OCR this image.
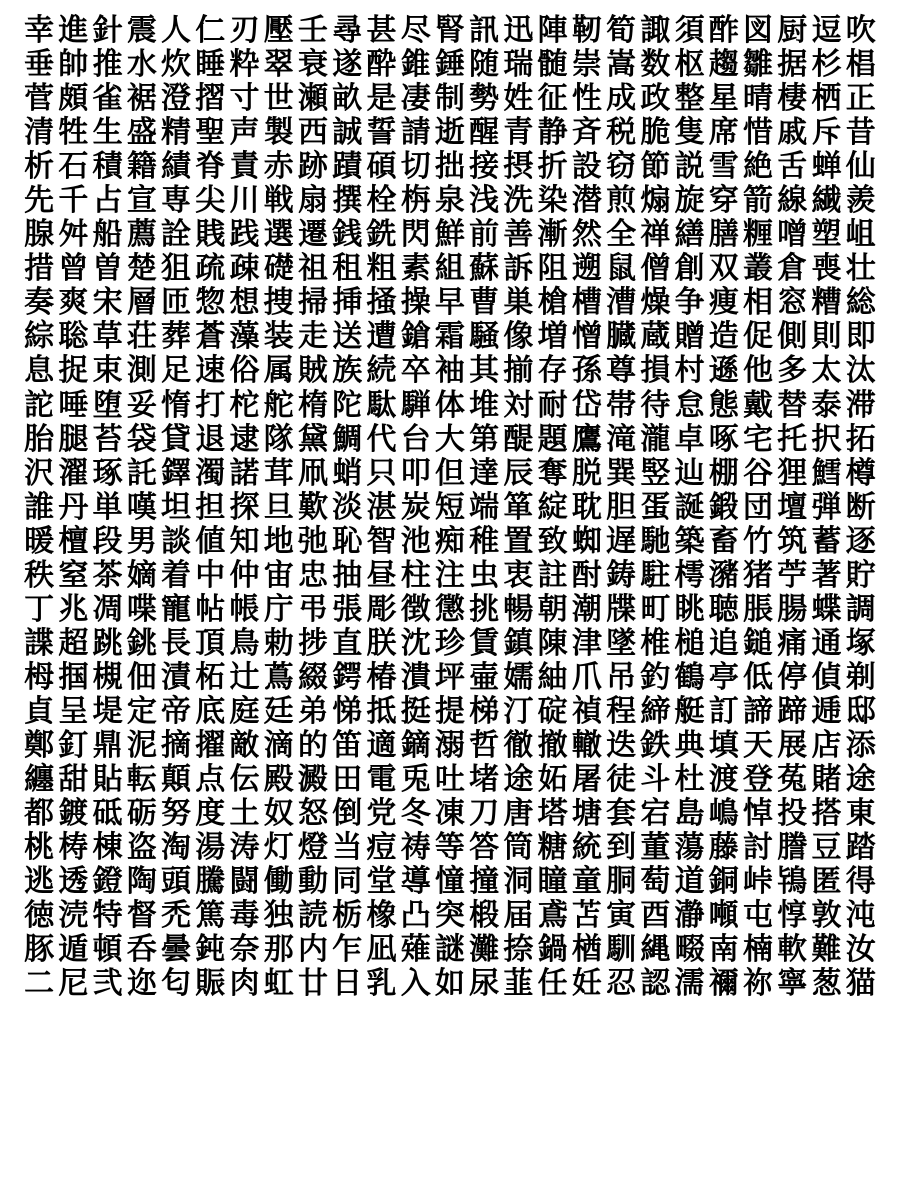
幸 進 針 震 人 仁 刃 壓 壬 尋 甚 尽 腎 訊 迅 陣 靭 筍 諏 須 酢 図 厨 逗 吹
垂 帥 推 水 炊 睡 粋 翠 衰 遂 酔 錐 錘 随 瑞 髄 崇 嵩 数 枢 趨 雛 据 杉 椙
菅 頗 雀 裾 澄 摺 寸 世 瀬 畝 是 凄 制 勢 姓 征 性 成 政 整 星 晴 棲 栖 正
清 牲 生 盛 精 聖 声 製 西 誠 誓 請 逝 醒 青 静 斉 税 脆 隻 席 惜 戚 斥 昔
析 石 積 籍 績 脊 責 赤 跡 蹟 碩 切 拙 接 摂 折 設 窃 節 説 雪 絶 舌 蝉 仙
先 千 占 宣 専 尖 川 戦 扇 撰 栓 栴 泉 浅 洗 染 潜 煎 煽 旋 穿 箭 線 繊 羨
腺 舛 船 薦 詮 賎 践 選 遷 銭 銑 閃 鮮 前 善 漸 然 全 禅 繕 膳 糎 噌 塑 岨
措 曾 曽 楚 狙 疏 疎 礎 祖 租 粗 素 組 蘇 訴 阻 遡 鼠 僧 創 双 叢 倉 喪 壮
奏 爽 宋 層 匝 惣 想 捜 掃 挿 掻 操 早 曹 巣 槍 槽 漕 燥 争 痩 相 窓 糟 総
綜 聡 草 荘 葬 蒼 藻 装 走 送 遭 鎗 霜 騒 像 増 憎 臓 蔵 贈 造 促 側 則 即
息 捉 束 測 足 速 俗 属 賊 族 続 卒 袖 其 揃 存 孫 尊 損 村 遜 他 多 太 汰
詑 唾 堕 妥 惰 打 柁 舵 楕 陀 駄 騨 体 堆 対 耐 岱 帯 待 怠 態 戴 替 泰 滞
胎 腿 苔 袋 貸 退 逮 隊 黛 鯛 代 台 大 第 醍 題 鷹 滝 瀧 卓 啄 宅 托 択 拓
沢 濯 琢 託 鐸 濁 諾 茸 凧 蛸 只 叩 但 達 辰 奪 脱 巽 竪 辿 棚 谷 狸 鱈 樽
誰 丹 単 嘆 坦 担 探 旦 歎 淡 湛 炭 短 端 箪 綻 耽 胆 蛋 誕 鍛 団 壇 弾 断
暖 檀 段 男 談 値 知 地 弛 恥 智 池 痴 稚 置 致 蜘 遅 馳 築 畜 竹 筑 蓄 逐
秩 窒 茶 嫡 着 中 仲 宙 忠 抽 昼 柱 注 虫 衷 註 酎 鋳 駐 樗 瀦 猪 苧 著 貯
丁 兆 凋 喋 寵 帖 帳 庁 弔 張 彫 徴 懲 挑 暢 朝 潮 牒 町 眺 聴 脹 腸 蝶 調
諜 超 跳 銚 長 頂 鳥 勅 捗 直 朕 沈 珍 賃 鎮 陳 津 墜 椎 槌 追 鎚 痛 通 塚
栂 掴 槻 佃 漬 柘 辻 蔦 綴 鍔 椿 潰 坪 壷 嬬 紬 爪 吊 釣 鶴 亭 低 停 偵 剃
貞 呈 堤 定 帝 底 庭 廷 弟 悌 抵 挺 提 梯 汀 碇 禎 程 締 艇 訂 諦 蹄 逓 邸
鄭 釘 鼎 泥 摘 擢 敵 滴 的 笛 適 鏑 溺 哲 徹 撤 轍 迭 鉄 典 填 天 展 店 添
纏 甜 貼 転 顛 点 伝 殿 澱 田 電 兎 吐 堵 途 妬 屠 徒 斗 杜 渡 登 菟 賭 途
都 鍍 砥 砺 努 度 土 奴 怒 倒 党 冬 凍 刀 唐 塔 塘 套 宕 島 嶋 悼 投 搭 東
桃 梼 棟 盗 淘 湯 涛 灯 燈 当 痘 祷 等 答 筒 糖 統 到 董 蕩 藤 討 謄 豆 踏
逃 透 鐙 陶 頭 騰 闘 働 動 同 堂 導 憧 撞 洞 瞳 童 胴 萄 道 銅 峠 鴇 匿 得
徳 涜 特 督 禿 篤 毒 独 読 栃 橡 凸 突 椴 届 鳶 苫 寅 酉 瀞 噸 屯 惇 敦 沌
豚 遁 頓 呑 曇 鈍 奈 那 内 乍 凪 薙 謎 灘 捺 鍋 楢 馴 縄 畷 南 楠 軟 難 汝
二 尼 弐 迩 匂 賑 肉 虹 廿 日 乳 入 如 尿 韮 任 妊 忍 認 濡 禰 祢 寧 葱 猫
